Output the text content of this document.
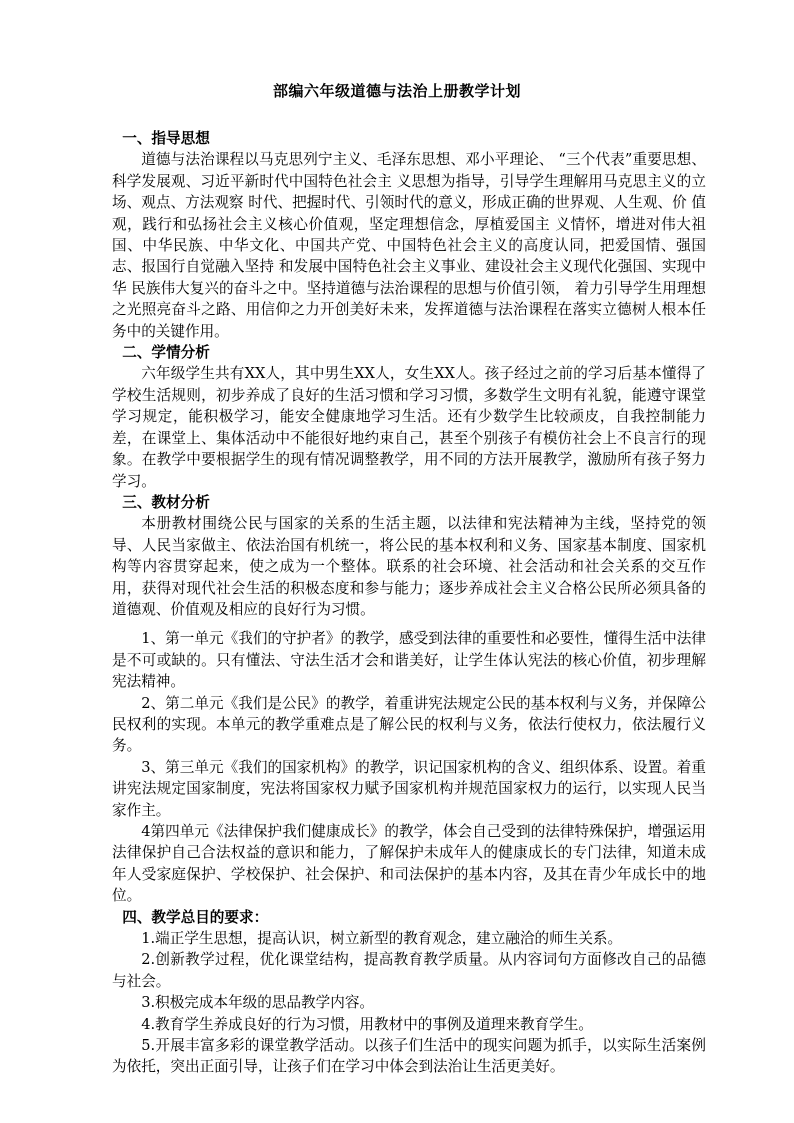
部编六年级道德与法治上册教学计划
一、指导思想

道德与法治课程以马克思列宁主义、毛泽东思想、邓小平理论、 “三个代表”重要思想、科学发展观、习近平新时代中国特色社会主 义思想为指导，引导学生理解用马克思主义的立场、观点、方法观察 时代、把握时代、引领时代的意义，形成正确的世界观、人生观、价 值观，践行和弘扬社会主义核心价值观，坚定理想信念，厚植爱国主 义情怀，增进对伟大祖国、中华民族、中华文化、中国共产党、中国特色社会主义的高度认同，把爱国情、强国志、报国行自觉融入坚持 和发展中国特色社会主义事业、建设社会主义现代化强国、实现中华 民族伟大复兴的奋斗之中。坚持道德与法治课程的思想与价值引领， 着力引导学生用理想之光照亮奋斗之路、用信仰之力开创美好未来，发挥道德与法治课程在落实立德树人根本任务中的关键作用。

二、学情分析

六年级学生共有XX人，其中男生XX人，女生XX人。孩子经过之前的学习后基本懂得了学校生活规则，初步养成了良好的生活习惯和学习习惯，多数学生文明有礼貌，能遵守课堂学习规定，能积极学习，能安全健康地学习生活。还有少数学生比较顽皮，自我控制能力差，在课堂上、集体活动中不能很好地约束自己，甚至个别孩子有模仿社会上不良言行的现象。在教学中要根据学生的现有情况调整教学，用不同的方法开展教学，激励所有孩子努力学习。

三、教材分析

本册教材围绕公民与国家的关系的生活主题，以法律和宪法精神为主线，坚持党的领导、人民当家做主、依法治国有机统一，将公民的基本权利和义务、国家基本制度、国家机构等内容贯穿起来，使之成为一个整体。联系的社会环境、社会活动和社会关系的交互作用，获得对现代社会生活的积极态度和参与能力；逐步养成社会主义合格公民所必须具备的道德观、价值观及相应的良好行为习惯。

1、第一单元《我们的守护者》的教学，感受到法律的重要性和必要性，懂得生活中法律是不可或缺的。只有懂法、守法生活才会和谐美好，让学生体认宪法的核心价值，初步理解宪法精神。

2、第二单元《我们是公民》的教学，着重讲宪法规定公民的基本权利与义务，并保障公民权利的实现。本单元的教学重难点是了解公民的权利与义务，依法行使权力，依法履行义务。

3、第三单元《我们的国家机构》的教学，识记国家机构的含义、组织体系、设置。着重讲宪法规定国家制度，宪法将国家权力赋予国家机构并规范国家权力的运行，以实现人民当家作主。

4第四单元《法律保护我们健康成长》的教学，体会自己受到的法律特殊保护，增强运用法律保护自己合法权益的意识和能力，了解保护未成年人的健康成长的专门法律，知道未成年人受家庭保护、学校保护、社会保护、和司法保护的基本内容，及其在青少年成长中的地位。

四、教学总目的要求：

1.端正学生思想，提高认识，树立新型的教育观念，建立融洽的师生关系。

2.创新教学过程，优化课堂结构，提高教育教学质量。从内容词句方面修改自己的品德与社会。

3.积极完成本年级的思品教学内容。

4.教育学生养成良好的行为习惯，用教材中的事例及道理来教育学生。

5.开展丰富多彩的课堂教学活动。以孩子们生活中的现实问题为抓手，以实际生活案例为依托，突出正面引导，让孩子们在学习中体会到法治让生活更美好。
